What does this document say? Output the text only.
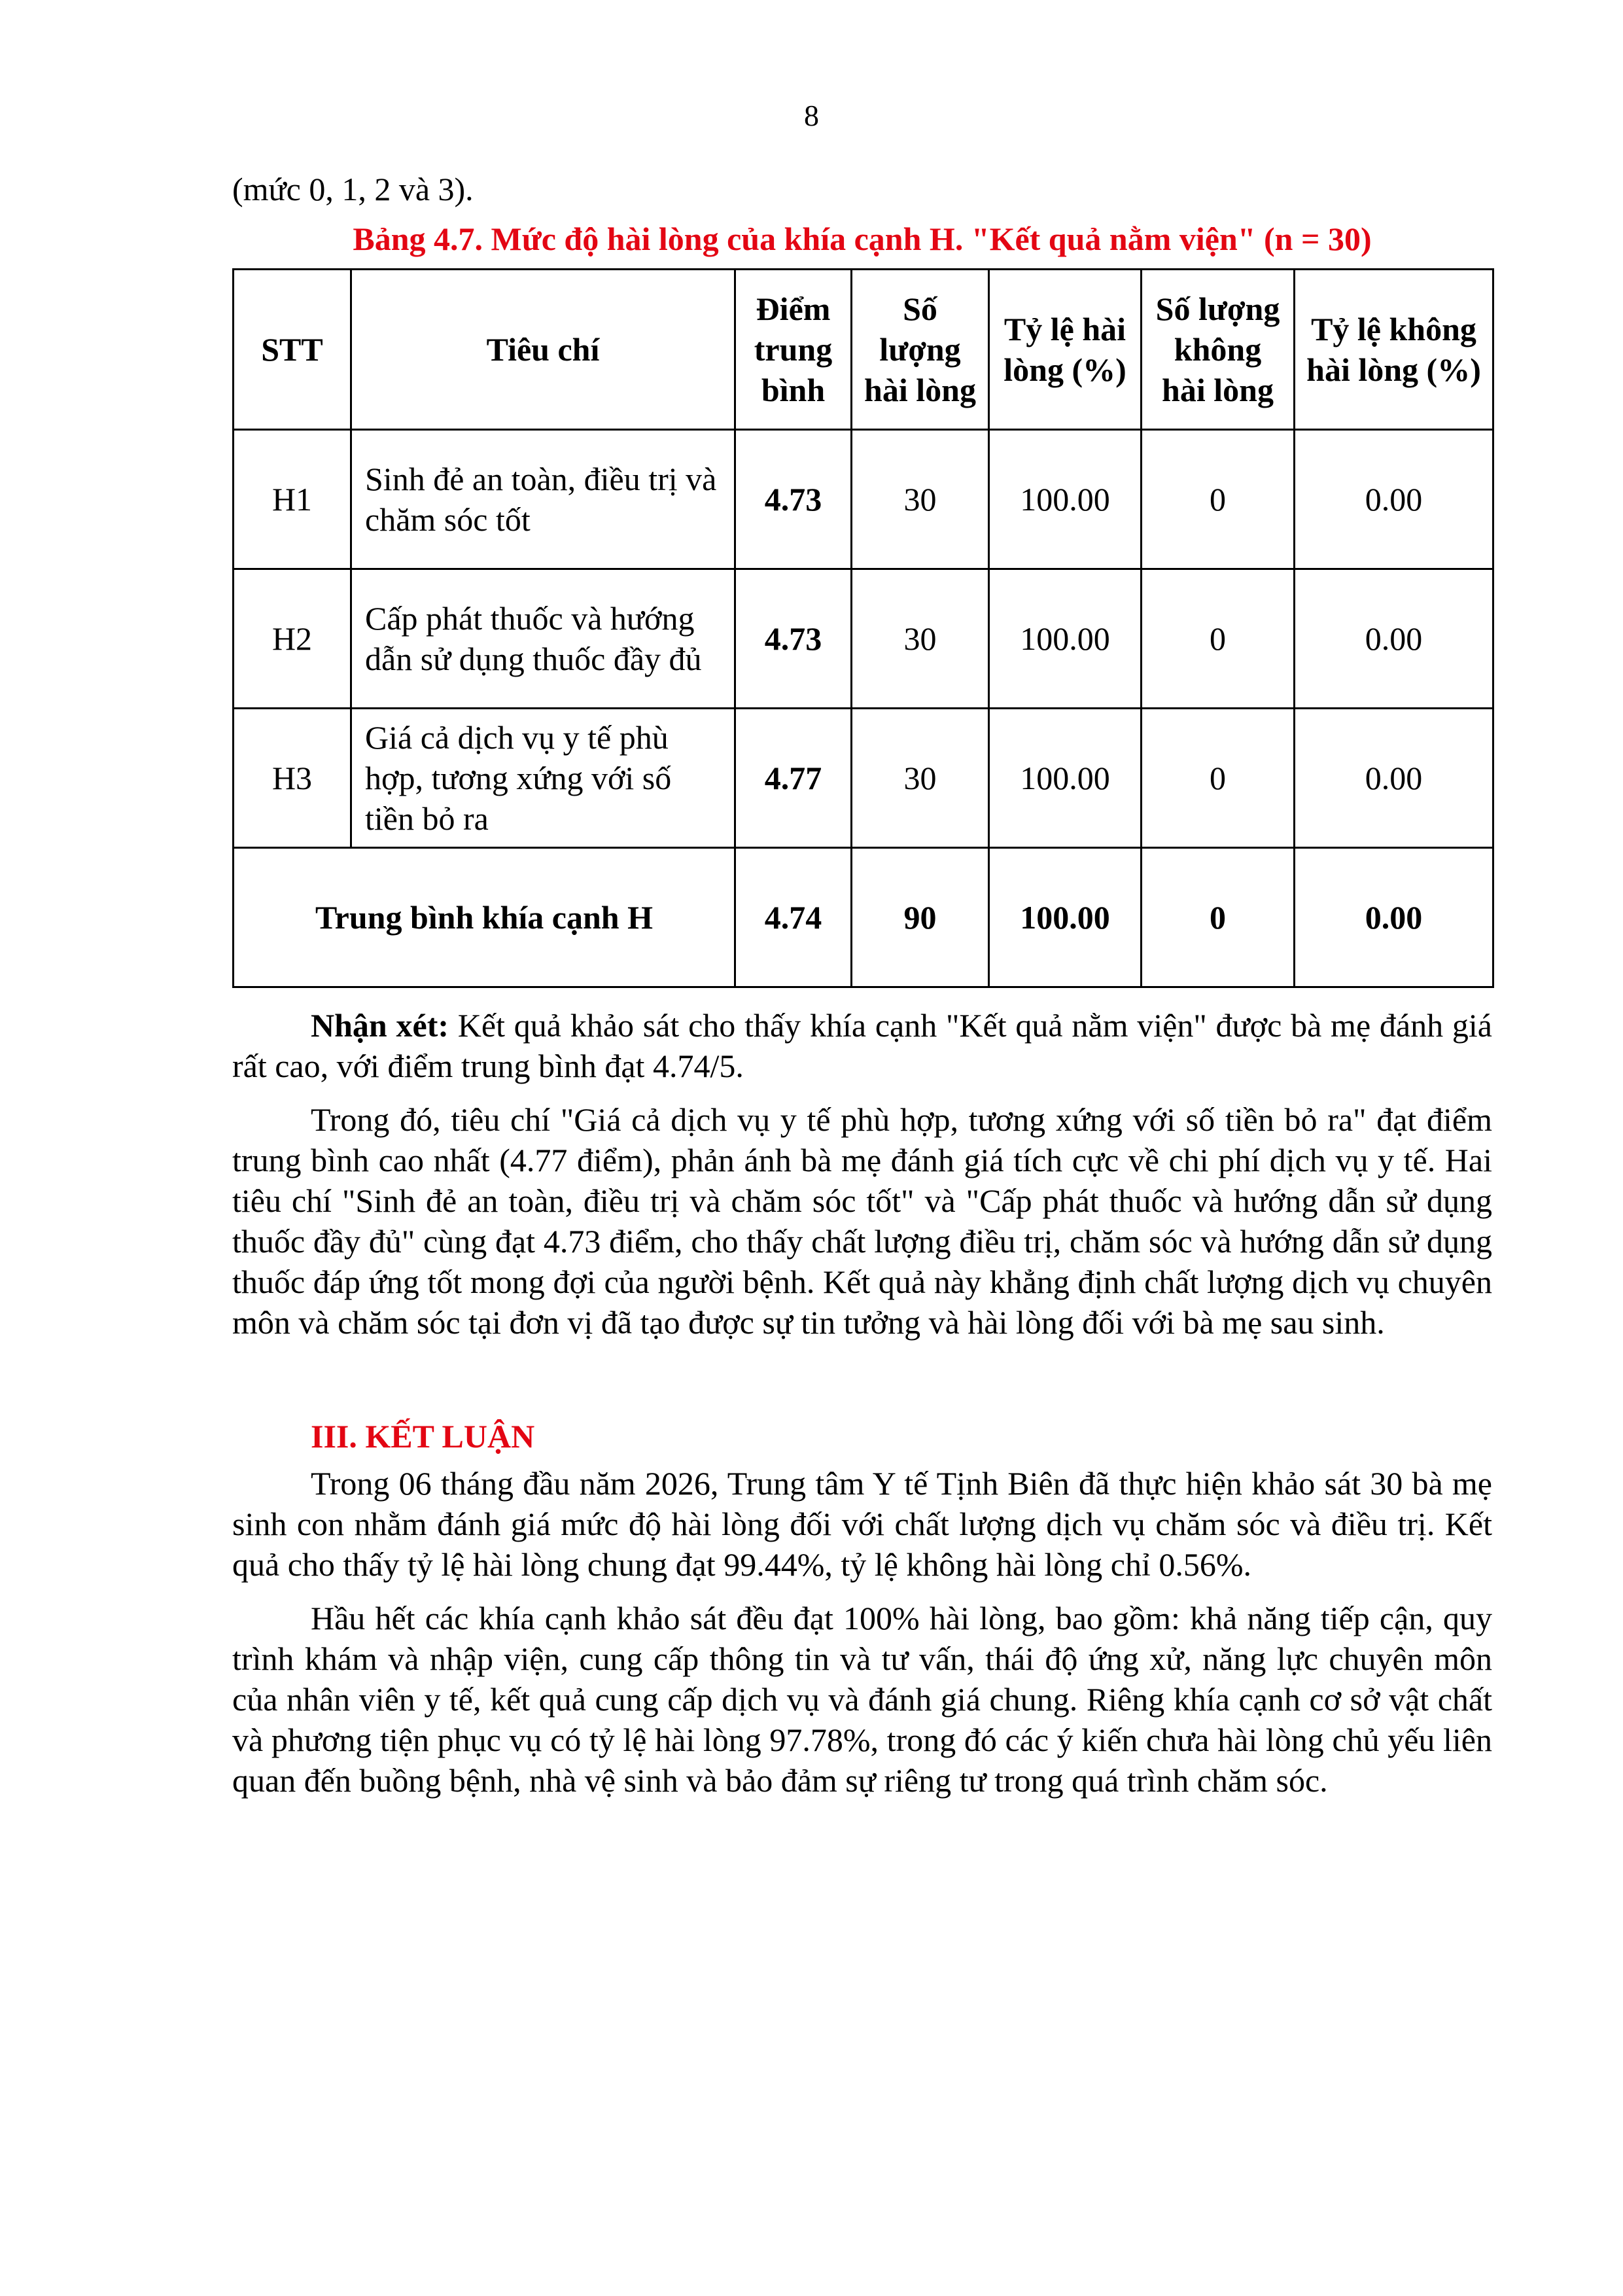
8

(mức 0, 1, 2 và 3).

Bảng 4.7. Mức độ hài lòng của khía cạnh H. "Kết quả nằm viện" (n = 30)
STT	Tiêu chí	Điểm trung bình	Số lượng hài lòng	Tỷ lệ hài lòng (%)	Số lượng không hài lòng	Tỷ lệ không hài lòng (%)
H1	Sinh đẻ an toàn, điều trị và chăm sóc tốt	4.73	30	100.00	0	0.00
H2	Cấp phát thuốc và hướng dẫn sử dụng thuốc đầy đủ	4.73	30	100.00	0	0.00
H3	Giá cả dịch vụ y tế phù hợp, tương xứng với số tiền bỏ ra	4.77	30	100.00	0	0.00
Trung bình khía cạnh H		4.74	90	100.00	0	0.00

Nhận xét: Kết quả khảo sát cho thấy khía cạnh "Kết quả nằm viện" được bà mẹ đánh giá rất cao, với điểm trung bình đạt 4.74/5.

Trong đó, tiêu chí "Giá cả dịch vụ y tế phù hợp, tương xứng với số tiền bỏ ra" đạt điểm trung bình cao nhất (4.77 điểm), phản ánh bà mẹ đánh giá tích cực về chi phí dịch vụ y tế. Hai tiêu chí "Sinh đẻ an toàn, điều trị và chăm sóc tốt" và "Cấp phát thuốc và hướng dẫn sử dụng thuốc đầy đủ" cùng đạt 4.73 điểm, cho thấy chất lượng điều trị, chăm sóc và hướng dẫn sử dụng thuốc đáp ứng tốt mong đợi của người bệnh. Kết quả này khẳng định chất lượng dịch vụ chuyên môn và chăm sóc tại đơn vị đã tạo được sự tin tưởng và hài lòng đối với bà mẹ sau sinh.

III. KẾT LUẬN

Trong 06 tháng đầu năm 2026, Trung tâm Y tế Tịnh Biên đã thực hiện khảo sát 30 bà mẹ sinh con nhằm đánh giá mức độ hài lòng đối với chất lượng dịch vụ chăm sóc và điều trị. Kết quả cho thấy tỷ lệ hài lòng chung đạt 99.44%, tỷ lệ không hài lòng chỉ 0.56%.

Hầu hết các khía cạnh khảo sát đều đạt 100% hài lòng, bao gồm: khả năng tiếp cận, quy trình khám và nhập viện, cung cấp thông tin và tư vấn, thái độ ứng xử, năng lực chuyên môn của nhân viên y tế, kết quả cung cấp dịch vụ và đánh giá chung. Riêng khía cạnh cơ sở vật chất và phương tiện phục vụ có tỷ lệ hài lòng 97.78%, trong đó các ý kiến chưa hài lòng chủ yếu liên quan đến buồng bệnh, nhà vệ sinh và bảo đảm sự riêng tư trong quá trình chăm sóc.
